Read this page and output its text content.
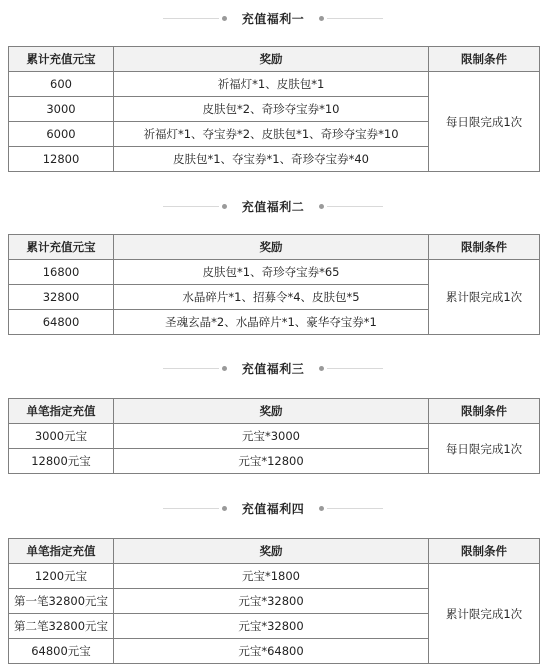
充值福利一
累计充值元宝	奖励	限制条件
600	祈福灯*1、皮肤包*1	每日限完成1次
3000	皮肤包*2、奇珍夺宝券*10	
6000	祈福灯*1、夺宝券*2、皮肤包*1、奇珍夺宝券*10	
12800	皮肤包*1、夺宝券*1、奇珍夺宝券*40	
充值福利二
累计充值元宝	奖励	限制条件
16800	皮肤包*1、奇珍夺宝券*65	累计限完成1次
32800	水晶碎片*1、招募令*4、皮肤包*5	
64800	圣魂玄晶*2、水晶碎片*1、豪华夺宝券*1	
充值福利三
单笔指定充值	奖励	限制条件
3000元宝	元宝*3000	每日限完成1次
12800元宝	元宝*12800	
充值福利四
单笔指定充值	奖励	限制条件
1200元宝	元宝*1800	累计限完成1次
第一笔32800元宝	元宝*32800	
第二笔32800元宝	元宝*32800	
64800元宝	元宝*64800	
